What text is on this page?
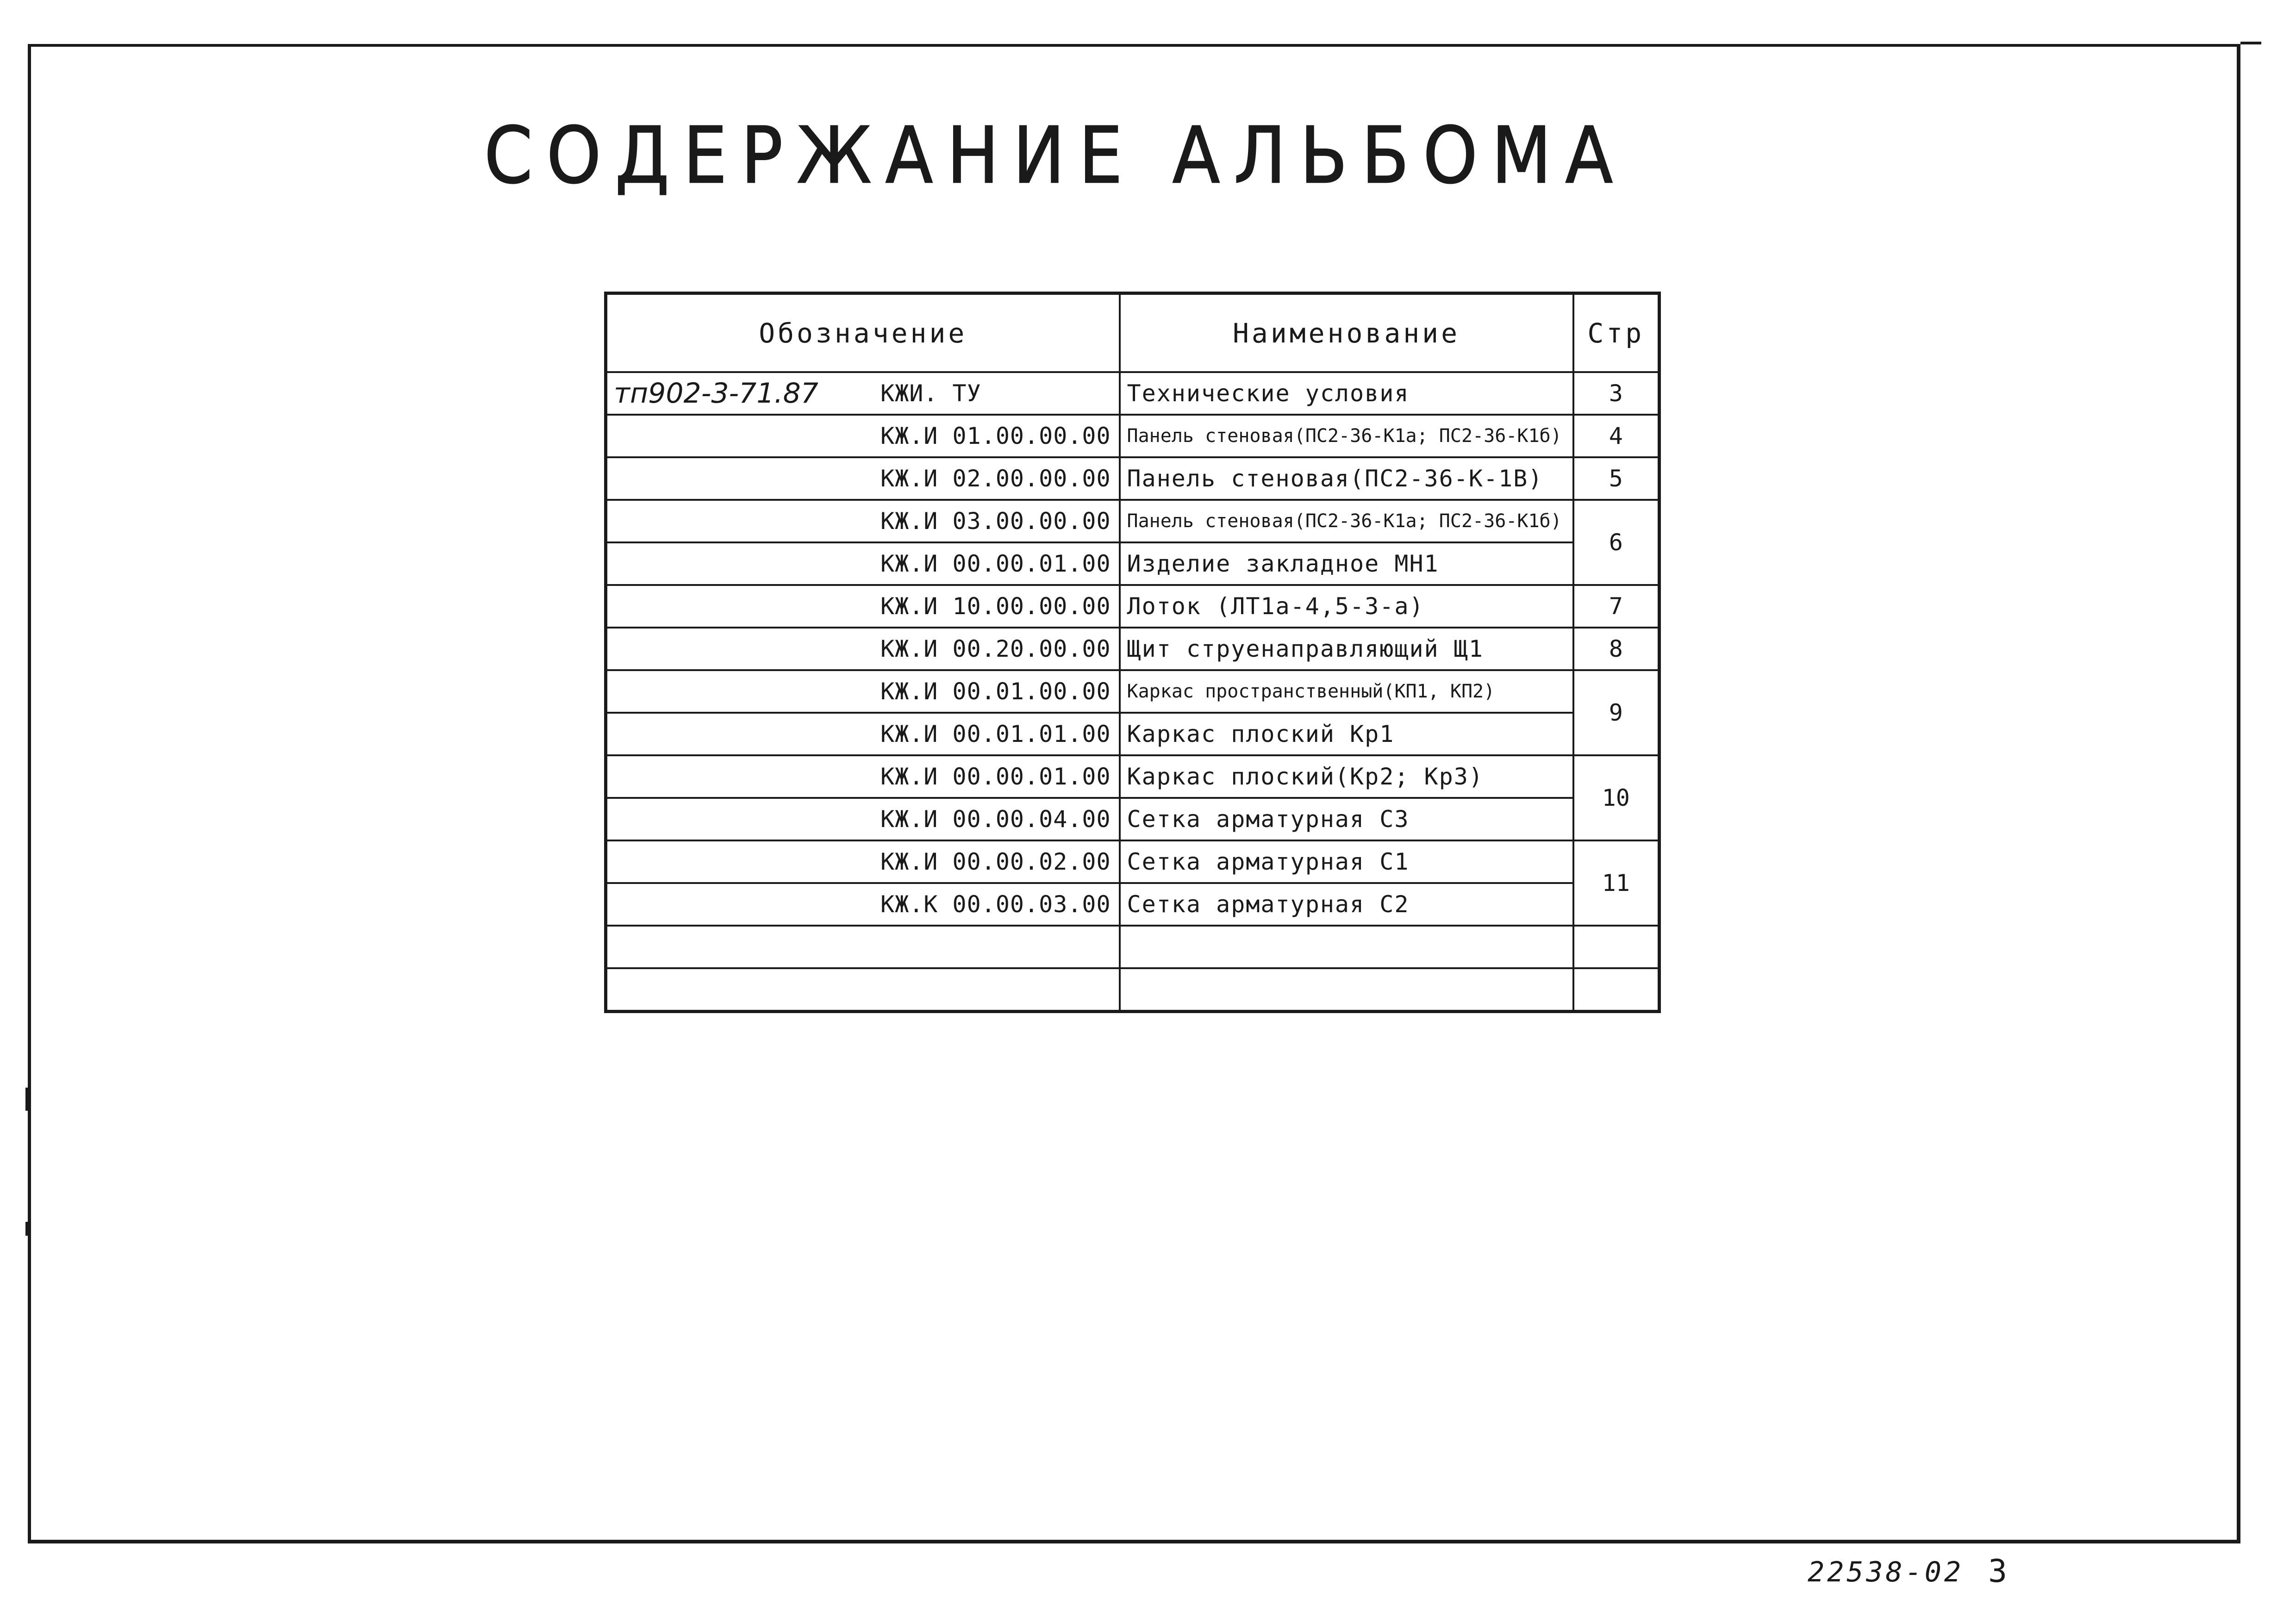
СОДЕРЖАНИЕ АЛЬБОМА
Обозначение	Наименование	Стр

тп902-3-71.87 КЖИ. ТУ	Технические условия	3

КЖ.И 01.00.00.00	Панель стеновая(ПС2-36-К1а; ПС2-36-К1б)	4

КЖ.И 02.00.00.00	Панель стеновая(ПС2-36-К-1В)	5

КЖ.И 03.00.00.00	Панель стеновая(ПС2-36-К1а; ПС2-36-К1б)	6

КЖ.И 00.00.01.00	Изделие закладное МН1	

КЖ.И 10.00.00.00	Лоток (ЛТ1а-4,5-3-а)	7

КЖ.И 00.20.00.00	Щит струенаправляющий Щ1	8

КЖ.И 00.01.00.00	Каркас пространственный(КП1, КП2)	9

КЖ.И 00.01.01.00	Каркас плоский Кр1	

КЖ.И 00.00.01.00	Каркас плоский(Кр2; Кр3)	10

КЖ.И 00.00.04.00	Сетка арматурная С3	

КЖ.И 00.00.02.00	Сетка арматурная С1	11

КЖ.К 00.00.03.00	Сетка арматурная С2	

22538-02 3
